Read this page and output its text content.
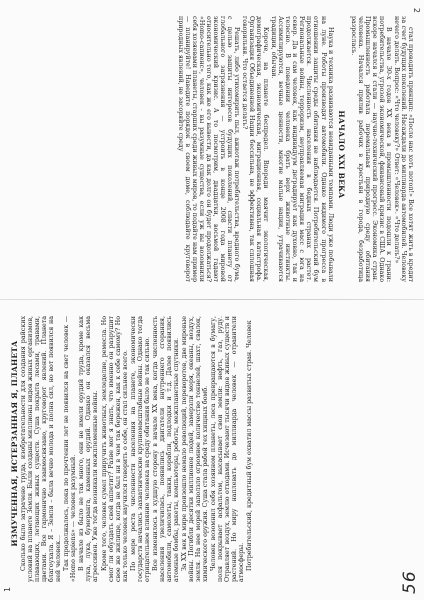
1

ИЗМУЧЕННАЯ, ИСТЕРЗАННАЯ Я, ПЛАНЕТА Сколько было затрачено труда, изобретательности для создания райских условий на планете Земля. Были созданы миллионы видов живых организмов, плавающих, летающих живых существ. Суша покрыта лесами, травами, цветами. Все гармонично взаимосвязано, круговорот явлений. Планета благоухала. Я – Земля – была вечно молода и полна сил, но вот появился на ней человек... Так продолжалось, пока по прочтении лет не появился на свет человек — «Homo sapiens» — человек разумный. В начале из было не так много, они не имели орудий труда, кроме как лука, лука, бумеранга, каменных орудий. Однако он оказался весьма агрессивен. Уже тогда возникали межплеменные войны. Кроме того, человек сумел приручить животных, земледелие, ремесла. Но смог ли обуздать свой аппетит? Разве мог я знать, что именно он разрушит свое же жилище, когда не был ни в чем так бережен, как к себе самому? Но как только человек научился говорить о себе, он стал сильнее всего. По мере роста численности населения на планете, экономически государств начались захватнические крупномасштабные войны. Однако тогда отрицательное влияние человека на среду обитания было не так сильно. Все изменилось в худшую сторону в начале XX века, когда численность населения увеличилась, появились двигатели внутреннего сгорания, автомобили, самолеты, танки, корабли, подлодки и т.д. Далее появились атомные бомбы, ракеты, компьютеры, роботы, межпланетные спутники. За XX век в мире произошло немало революций, переворотов, две мировые войны. Погибли десятки миллионов людей, замерзли моря, океаны, воздух, земля. На нее морей заползло огромное количество тоннелей, шахт, свалок, химического оружия. Суша стала рабой тех хищных бомб. Человек возомнил себя хозяином планеты, леса превращаются в бумагу, поля покрывает асфальтом, высасывает свои земли: нефть, газ, руду. Отравляет воздух, землю отходами. Исчезают тысячи видов живых существ и растений. Но миру наплевать до миллиарда человек — отравители атмосферы. Потребительский, кредитный бум охватил массы развитых стран. Человек

56
2

стал проводить принцип: «После нас хоть потоп!» Все хотят жить в кредит за счет будущих поколений. Насаждали до миллиарда автомобилей. Человеку нечего делать. Вопрос: «Что человеку?» Ответ: «Человек». «Что делать?»

В начале 30-х годов XX века в промышленности подошли к грани: потребительства, угрозой экономической, финансовый кризис в США. Однако вскоре начался и стали — научно-технический прогресс. Экономика стран. Промышленность работала перемалывая природную среду обитания человека. Начался прилив рабочих в крестьян в города, безработица разрослась.

НАЧАЛО XXI ВЕКА

Наука и техника развиваются невиданными темпами. Люди уже побывали на луне. Роботы производят автомобили. Однако видимого прогресса в отношении защиты среды обитания не наблюдается. Потребительский бум продолжается. Численность населения в бедных странах растет. Региональные войны, терроризм, неуправляемая миграция масс с юга на север. Да и сам человек, как индивидуум деградирует как духовно, так и телесно. В поведении человека брать верх животные инстинкты. Ассимилируются, вечные ценности, многие малые нации, утрачиваются традиции, обычаи.

Короче, на планете беспредел. Впереди маячит экологическая, демографическая, экономическая, миграционная, социальная катастрофа. Организация Объединенной Нации бессильна, не эффективна, так сплошная говорильня. Что остается делать?

Решать, либо утихомирить пыл, ажиотаж потребительства, вредного бума, с целью защиты интересов будущих поколений, спасти планету от глобального загрязнения — устроить в конце 2008 года мировой экономический кризис. А то посмотрим, двадцатки, восьмой гадают относительно того, как же его вывести, да как долго он будет продолжаться? «Homo-сапиенс», человек - вы разумные существа, если уж вы возомнили себя хозяевами планеты, старших среди живых миров, то подайте нам пример — планируйте! Наведите порядок в своем доме, соблюдайте круговорот природных явлений, не засоряйте среду
